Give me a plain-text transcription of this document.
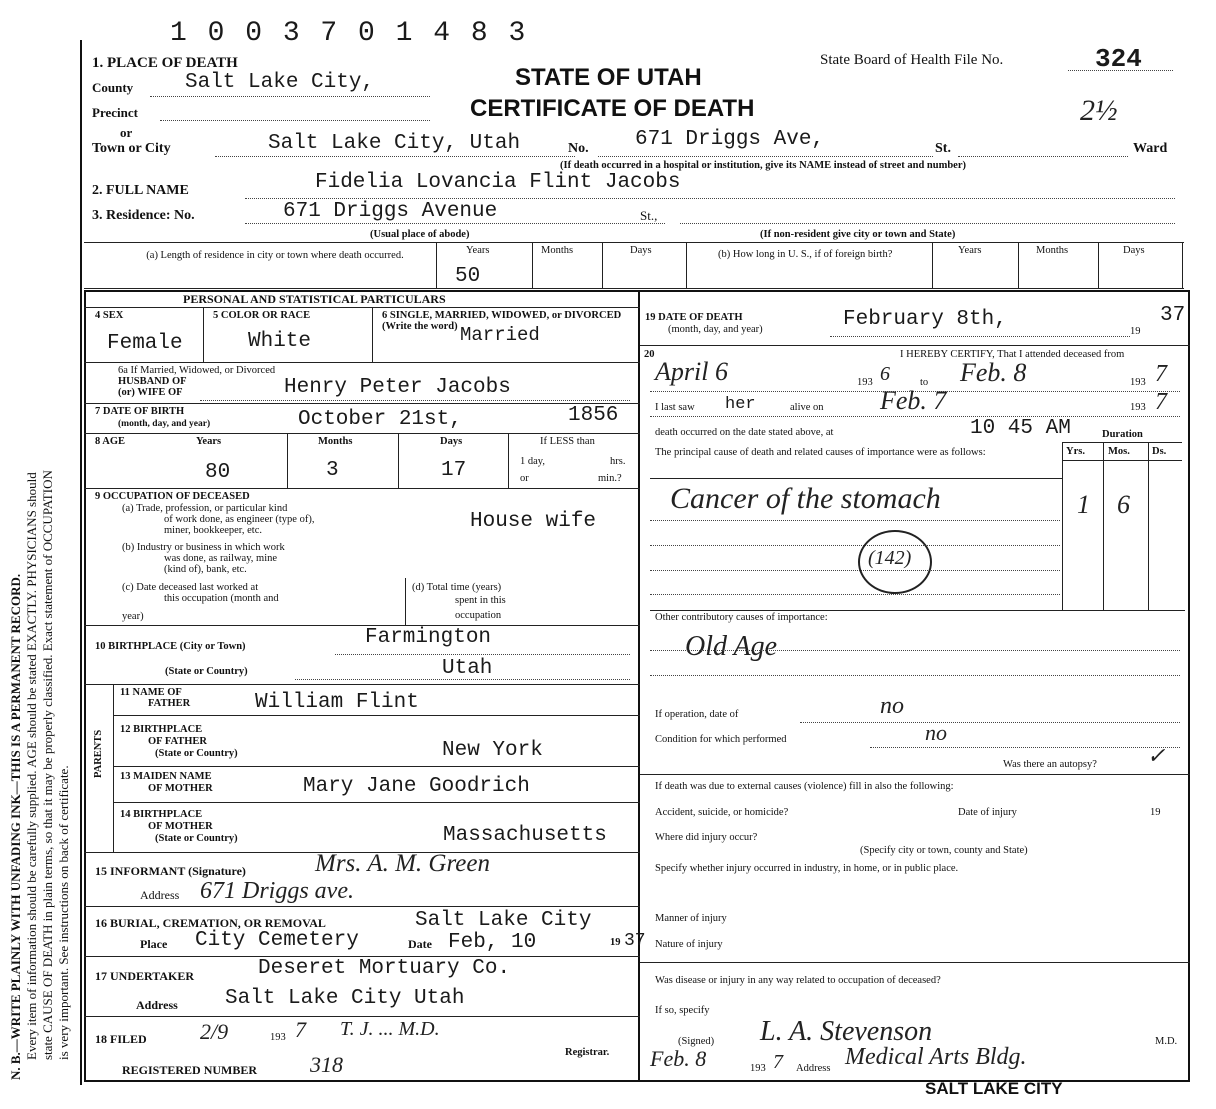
1 0 0 3 7 0 1 4 8 3
N. B.—WRITE PLAINLY WITH UNFADING INK—THIS IS A PERMANENT RECORD. Every item of information should be carefully supplied. AGE should be stated EXACTLY. PHYSICIANS should state CAUSE OF DEATH in plain terms, so that it may be properly classified. Exact statement of OCCUPATION is very important. See instructions on back of certificate.
1. PLACE OF DEATH
County Salt Lake City,
Precinct
or
STATE OF UTAH
CERTIFICATE OF DEATH
State Board of Health File No.	324
2½
Town or City	Salt Lake City, Utah	No. 671 Driggs Ave,	St.	Ward
(If death occurred in a hospital or institution, give its NAME instead of street and number)
2. FULL NAME	Fidelia Lovancia Flint Jacobs
3. Residence: No.	671 Driggs Avenue	St.,
(Usual place of abode)	(If non-resident give city or town and State)
(a) Length of residence in city or town where death occurred.	Years	Months	Days
50
(b) How long in U. S., if of foreign birth?	Years	Months	Days
PERSONAL AND STATISTICAL PARTICULARS
4 SEX
Female
5 COLOR OR RACE
White
6 SINGLE, MARRIED, WIDOWED, or DIVORCED (Write the word) Married
6a If Married, Widowed, or Divorced
HUSBAND OF
(or) WIFE OF	Henry Peter Jacobs
7 DATE OF BIRTH
(month, day, and year)	October 21st,	1856
8 AGE	Years	Months	Days	If LESS than
1 day,	hrs.
or	min.?
80	3	17
9 OCCUPATION OF DECEASED
(a) Trade, profession, or particular kind
of work done, as engineer (type of),
miner, bookkeeper, etc.	House wife
(b) Industry or business in which work
was done, as railway, mine
(kind of), bank, etc.
(c) Date deceased last worked at
this occupation (month and
year)
(d) Total time (years)
spent in this
occupation
10 BIRTHPLACE (City or Town)	Farmington
(State or Country)	Utah
PARENTS
11 NAME OF
FATHER	William Flint
12 BIRTHPLACE
OF FATHER
(State or Country)	New York
13 MAIDEN NAME
OF MOTHER	Mary Jane Goodrich
14 BIRTHPLACE
OF MOTHER
(State or Country)	Massachusetts
15 INFORMANT (Signature)	Mrs. A. M. Green
Address 671 Driggs ave.
16 BURIAL, CREMATION, OR REMOVAL	Salt Lake City
Place City Cemetery	Date Feb, 10	19 37
17 UNDERTAKER	Deseret Mortuary Co.
Address Salt Lake City Utah
18 FILED 2/9	193 7 T. J. ... M.D.
Registrar.
REGISTERED NUMBER 318
19 DATE OF DEATH
(month, day, and year)	February 8th,
19
37
20	I HEREBY CERTIFY, That I attended deceased from
April 6	193 6	to Feb. 8	193 7
I last saw her	alive on Feb. 7	193 7
death occurred on the date stated above, at	10 45 AM	Duration
The principal cause of death and related causes of importance were as follows:	Yrs. Mos. Ds.
Cancer of the stomach	1 6
(142)
Other contributory causes of importance:
Old Age
If operation, date of	no
Condition for which performed	no
Was there an autopsy? ✓
If death was due to external causes (violence) fill in also the following:
Accident, suicide, or homicide?	Date of injury	19
Where did injury occur?
(Specify city or town, county and State)
Specify whether injury occurred in industry, in home, or in public place.
Manner of injury
Nature of injury
Was disease or injury in any way related to occupation of deceased?
If so, specify
(Signed) L. A. Stevenson	M.D.
Feb. 8	193 7 Address Medical Arts Bldg.
SALT LAKE CITY
